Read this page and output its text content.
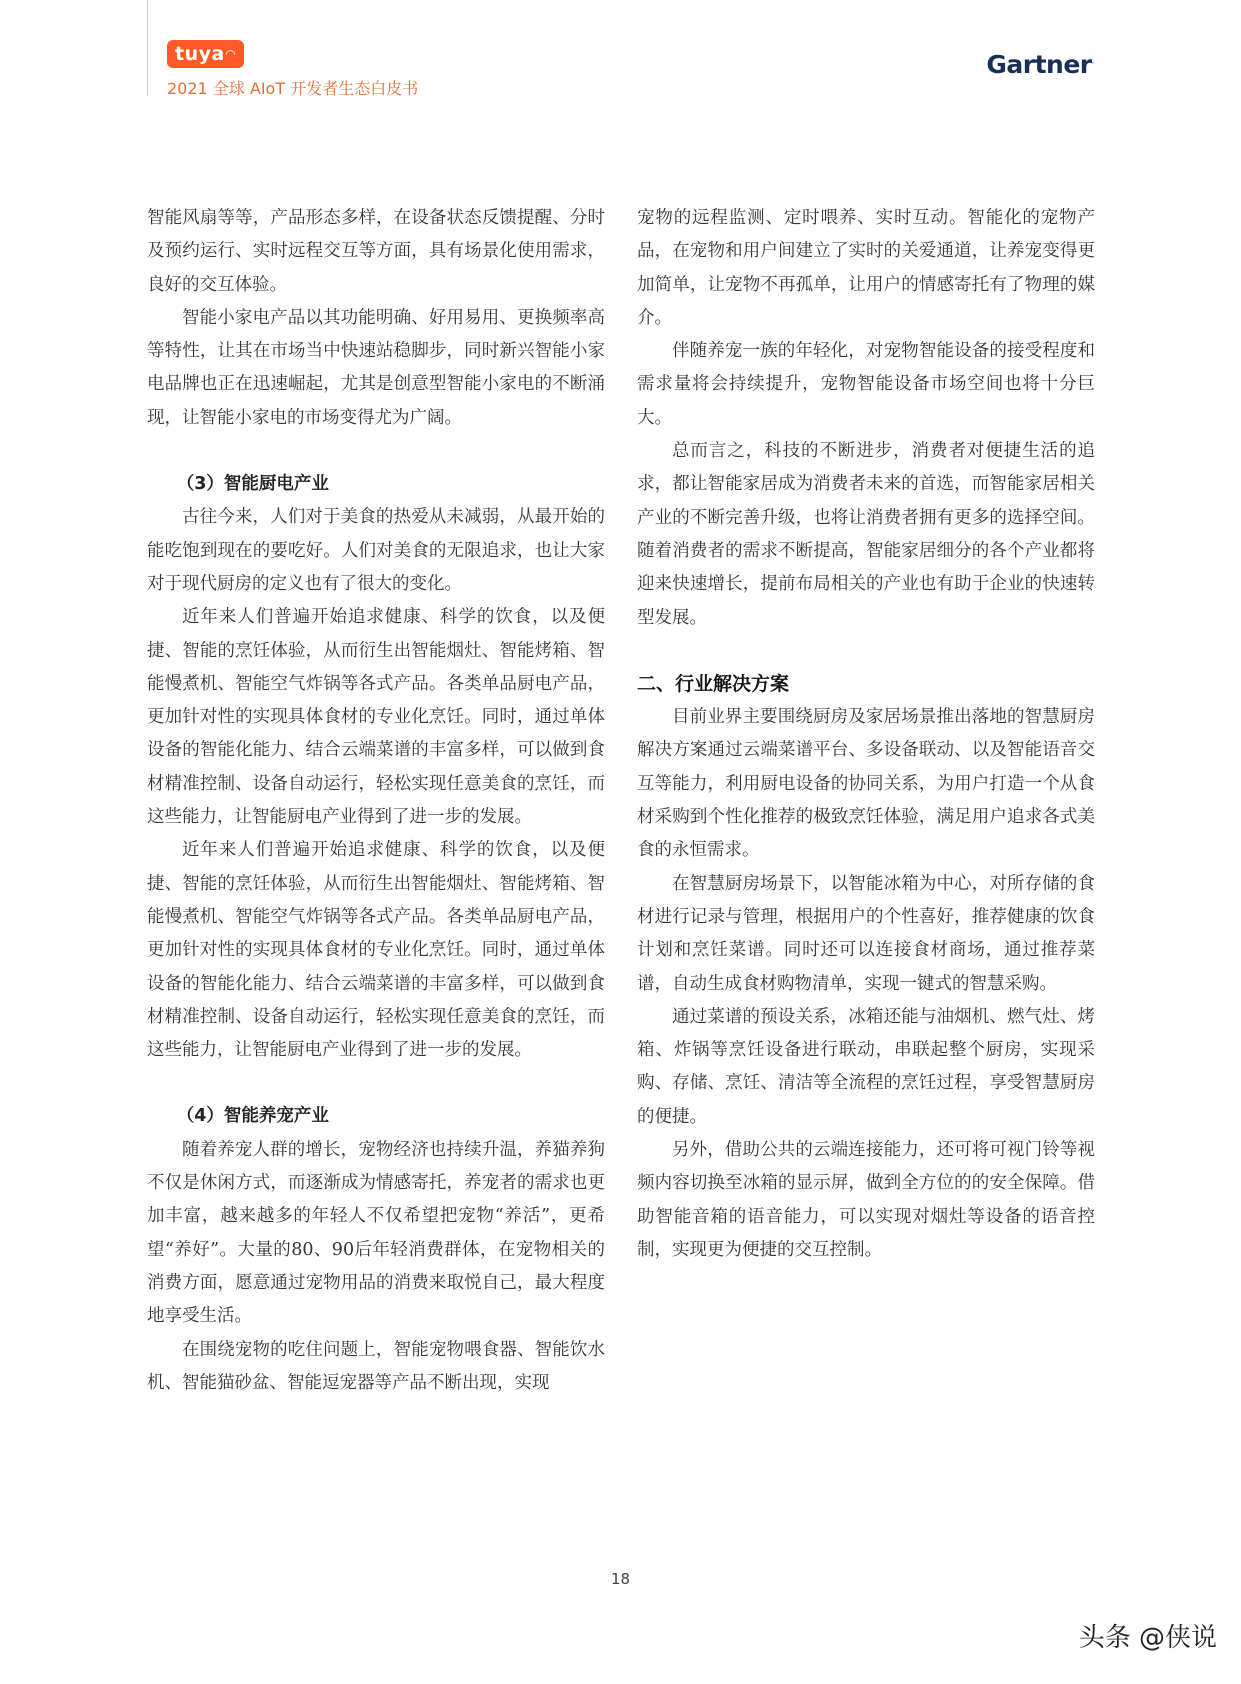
tuya◠
2021 全球 AIoT 开发者生态白皮书
Gartner.

智能风扇等等，产品形态多样，在设备状态反馈提醒、分时及预约运行、实时远程交互等方面，具有场景化使用需求，良好的交互体验。

智能小家电产品以其功能明确、好用易用、更换频率高等特性，让其在市场当中快速站稳脚步，同时新兴智能小家电品牌也正在迅速崛起，尤其是创意型智能小家电的不断涌现，让智能小家电的市场变得尤为广阔。

（3）智能厨电产业

古往今来，人们对于美食的热爱从未减弱，从最开始的能吃饱到现在的要吃好。人们对美食的无限追求，也让大家对于现代厨房的定义也有了很大的变化。

近年来人们普遍开始追求健康、科学的饮食，以及便捷、智能的烹饪体验，从而衍生出智能烟灶、智能烤箱、智能慢煮机、智能空气炸锅等各式产品。各类单品厨电产品，更加针对性的实现具体食材的专业化烹饪。同时，通过单体设备的智能化能力、结合云端菜谱的丰富多样，可以做到食材精准控制、设备自动运行，轻松实现任意美食的烹饪，而这些能力，让智能厨电产业得到了进一步的发展。

近年来人们普遍开始追求健康、科学的饮食，以及便捷、智能的烹饪体验，从而衍生出智能烟灶、智能烤箱、智能慢煮机、智能空气炸锅等各式产品。各类单品厨电产品，更加针对性的实现具体食材的专业化烹饪。同时，通过单体设备的智能化能力、结合云端菜谱的丰富多样，可以做到食材精准控制、设备自动运行，轻松实现任意美食的烹饪，而这些能力，让智能厨电产业得到了进一步的发展。

（4）智能养宠产业

随着养宠人群的增长，宠物经济也持续升温，养猫养狗不仅是休闲方式，而逐渐成为情感寄托，养宠者的需求也更加丰富，越来越多的年轻人不仅希望把宠物“养活”，更希望“养好”。大量的80、90后年轻消费群体，在宠物相关的消费方面，愿意通过宠物用品的消费来取悦自己，最大程度地享受生活。

在围绕宠物的吃住问题上，智能宠物喂食器、智能饮水机、智能猫砂盆、智能逗宠器等产品不断出现，实现

宠物的远程监测、定时喂养、实时互动。智能化的宠物产品，在宠物和用户间建立了实时的关爱通道，让养宠变得更加简单，让宠物不再孤单，让用户的情感寄托有了物理的媒介。

伴随养宠一族的年轻化，对宠物智能设备的接受程度和需求量将会持续提升，宠物智能设备市场空间也将十分巨大。

总而言之，科技的不断进步，消费者对便捷生活的追求，都让智能家居成为消费者未来的首选，而智能家居相关产业的不断完善升级，也将让消费者拥有更多的选择空间。随着消费者的需求不断提高，智能家居细分的各个产业都将迎来快速增长，提前布局相关的产业也有助于企业的快速转型发展。

二、行业解决方案

目前业界主要围绕厨房及家居场景推出落地的智慧厨房解决方案通过云端菜谱平台、多设备联动、以及智能语音交互等能力，利用厨电设备的协同关系，为用户打造一个从食材采购到个性化推荐的极致烹饪体验，满足用户追求各式美食的永恒需求。

在智慧厨房场景下，以智能冰箱为中心，对所存储的食材进行记录与管理，根据用户的个性喜好，推荐健康的饮食计划和烹饪菜谱。同时还可以连接食材商场，通过推荐菜谱，自动生成食材购物清单，实现一键式的智慧采购。

通过菜谱的预设关系，冰箱还能与油烟机、燃气灶、烤箱、炸锅等烹饪设备进行联动，串联起整个厨房，实现采购、存储、烹饪、清洁等全流程的烹饪过程，享受智慧厨房的便捷。

另外，借助公共的云端连接能力，还可将可视门铃等视频内容切换至冰箱的显示屏，做到全方位的的安全保障。借助智能音箱的语音能力，可以实现对烟灶等设备的语音控制，实现更为便捷的交互控制。

18
头条 @侠说
